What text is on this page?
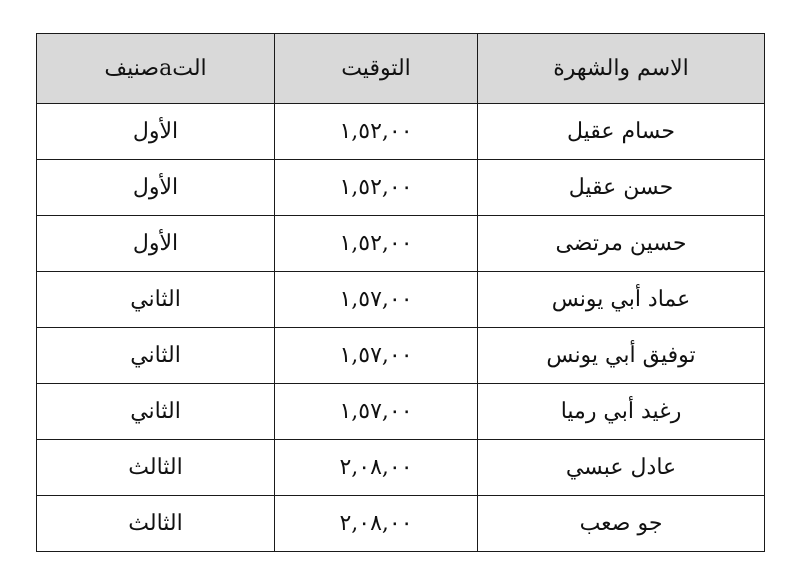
الاسم والشهرة	التوقيت	التaصنيف
حسام عقيل	١,٥٢,٠٠	الأول
حسن عقيل	١,٥٢,٠٠	الأول
حسين مرتضى	١,٥٢,٠٠	الأول
عماد أبي يونس	١,٥٧,٠٠	الثاني
توفيق أبي يونس	١,٥٧,٠٠	الثاني
رغيد أبي رميا	١,٥٧,٠٠	الثاني
عادل عبسي	٢,٠٨,٠٠	الثالث
جو صعب	٢,٠٨,٠٠	الثالث
